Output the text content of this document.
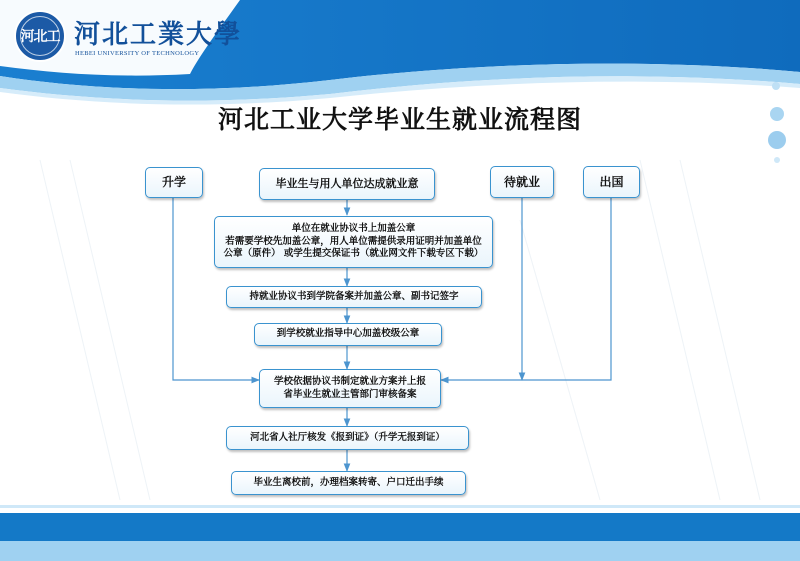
河北工 河北工業大學
HEBEI UNIVERSITY OF TECHNOLOGY
河北工业大学毕业生就业流程图
升学	待就业	出国
毕业生与用人单位达成就业意
单位在就业协议书上加盖公章
若需要学校先加盖公章，用人单位需提供录用证明并加盖单位
公章（原件） 或学生提交保证书（就业网文件下载专区下载）
持就业协议书到学院备案并加盖公章、副书记签字
到学校就业指导中心加盖校级公章
学校依据协议书制定就业方案并上报
省毕业生就业主管部门审核备案
河北省人社厅核发《报到证》（升学无报到证）
毕业生离校前，办理档案转寄、户口迁出手续
